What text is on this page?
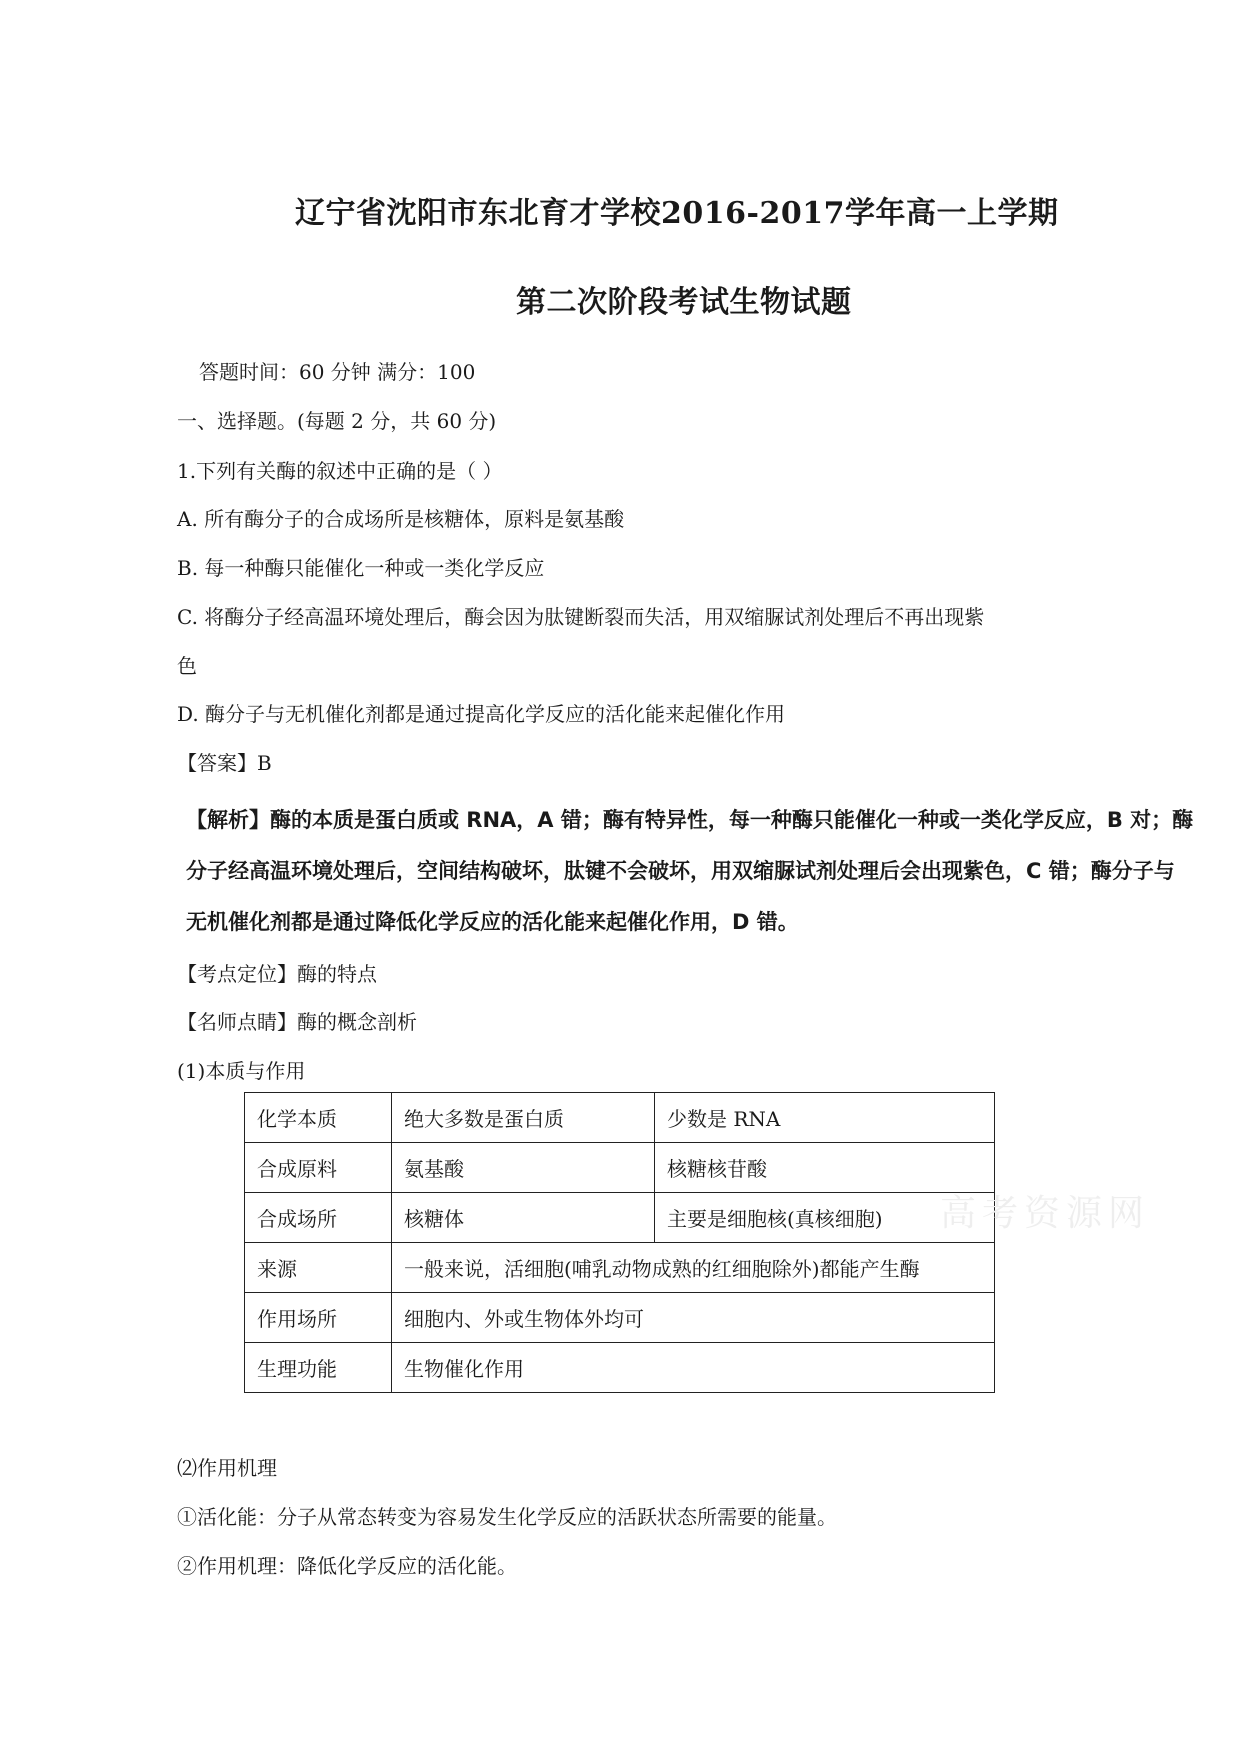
辽宁省沈阳市东北育才学校2016-2017学年高一上学期
第二次阶段考试生物试题
答题时间：60 分钟 满分：100
一、选择题。(每题 2 分，共 60 分)
1.下列有关酶的叙述中正确的是（ ）
A. 所有酶分子的合成场所是核糖体，原料是氨基酸
B. 每一种酶只能催化一种或一类化学反应
C. 将酶分子经高温环境处理后，酶会因为肽键断裂而失活，用双缩脲试剂处理后不再出现紫
色
D. 酶分子与无机催化剂都是通过提高化学反应的活化能来起催化作用
【答案】B
【解析】酶的本质是蛋白质或 RNA，A 错；酶有特异性，每一种酶只能催化一种或一类化学反应，B 对；酶
分子经高温环境处理后，空间结构破坏，肽键不会破坏，用双缩脲试剂处理后会出现紫色，C 错；酶分子与
无机催化剂都是通过降低化学反应的活化能来起催化作用，D 错。
【考点定位】酶的特点
【名师点睛】酶的概念剖析
(1)本质与作用
化学本质	绝大多数是蛋白质	少数是 RNA
合成原料	氨基酸	核糖核苷酸
合成场所	核糖体	主要是细胞核(真核细胞)
来源	一般来说，活细胞(哺乳动物成熟的红细胞除外)都能产生酶	
作用场所	细胞内、外或生物体外均可	
生理功能	生物催化作用	
高考资源网
⑵作用机理
①活化能：分子从常态转变为容易发生化学反应的活跃状态所需要的能量。
②作用机理：降低化学反应的活化能。
